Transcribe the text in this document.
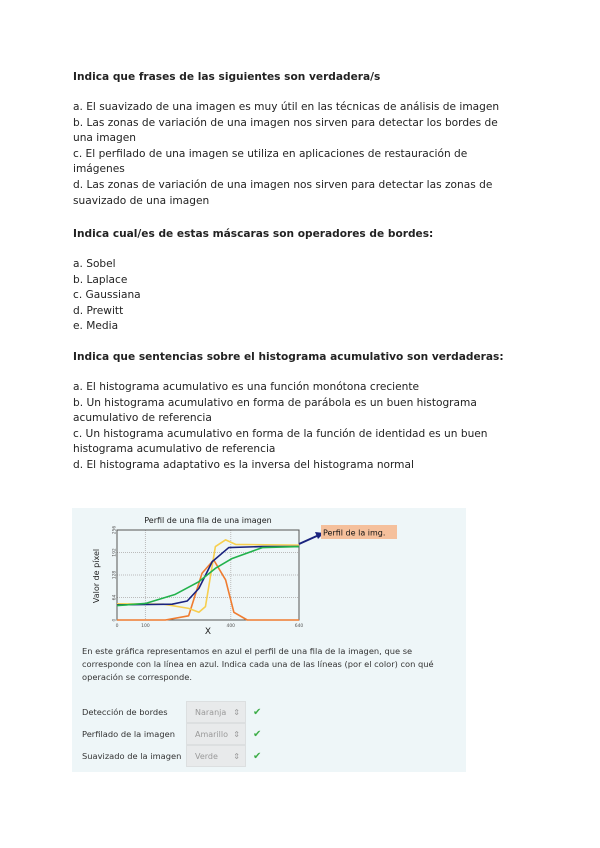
Indica que frases de las siguientes son verdadera/s
a. El suavizado de una imagen es muy útil en las técnicas de análisis de imagen
b. Las zonas de variación de una imagen nos sirven para detectar los bordes de
una imagen
c. El perfilado de una imagen se utiliza en aplicaciones de restauración de
imágenes
d. Las zonas de variación de una imagen nos sirven para detectar las zonas de
suavizado de una imagen
Indica cual/es de estas máscaras son operadores de bordes:
a. Sobel
b. Laplace
c. Gaussiana
d. Prewitt
e. Media
Indica que sentencias sobre el histograma acumulativo son verdaderas:
a. El histograma acumulativo es una función monótona creciente
b. Un histograma acumulativo en forma de parábola es un buen histograma
acumulativo de referencia
c. Un histograma acumulativo en forma de la función de identidad es un buen
histograma acumulativo de referencia
d. El histograma adaptativo es la inversa del histograma normal
0
64
128
192
256
0	100	400	640
Perfil de una fila de una imagen
X
Valor de píxel
Perfil de la img.
En este gráfica representamos en azul el perfil de una fila de la imagen, que se corresponde con la línea en azul. Indica cada una de las líneas (por el color) con qué operación se corresponde.
Detección de bordes	Naranja ⇕ ✔
Perfilado de la imagen	Amarillo ⇕ ✔
Suavizado de la imagen	Verde ⇕ ✔
